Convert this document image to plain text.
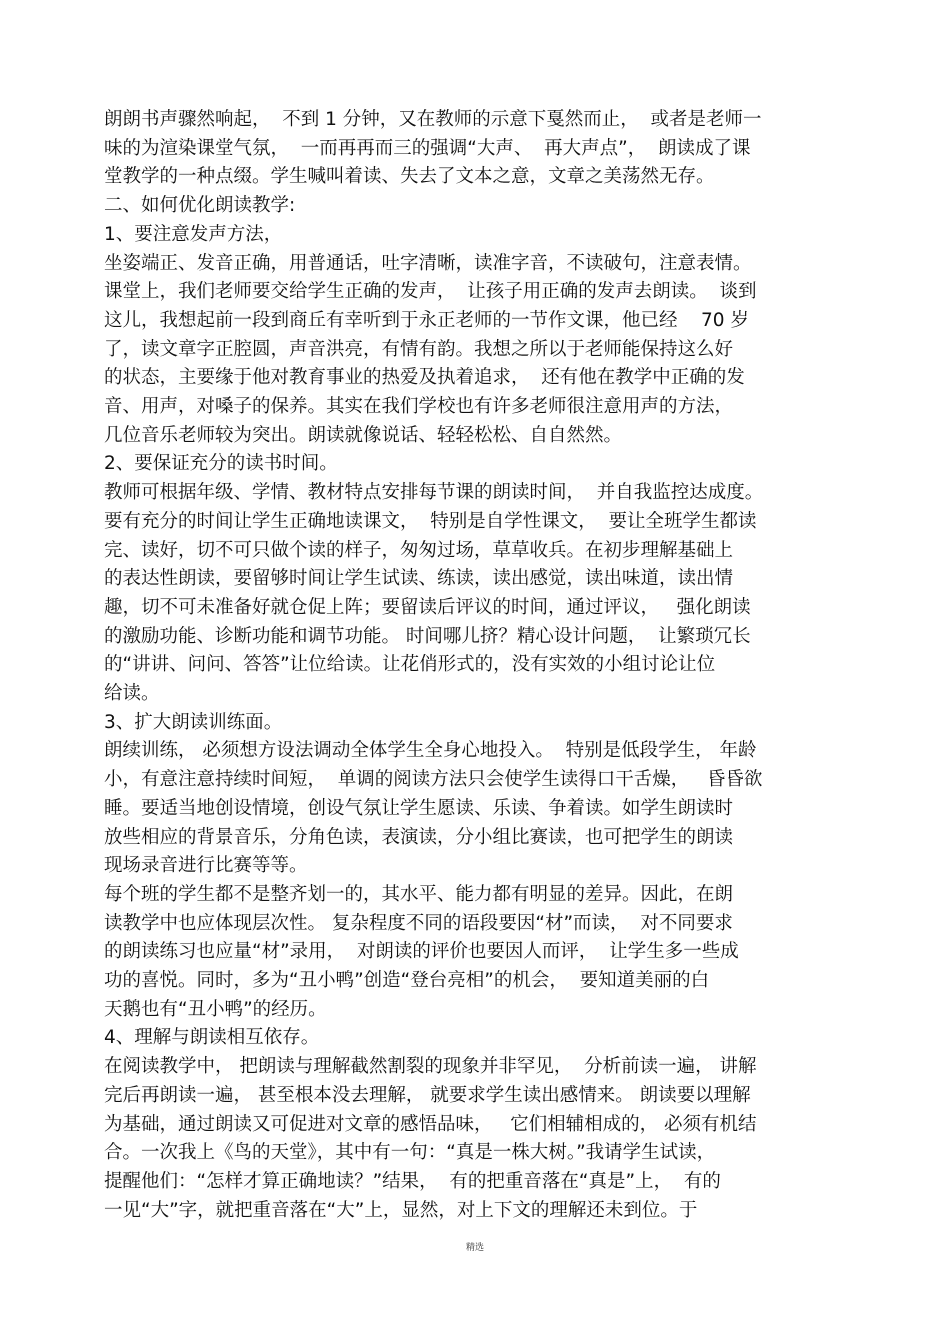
朗朗书声骤然响起，  不到 1 分钟，又在教师的示意下戛然而止，  或者是老师一
味的为渲染课堂气氛，  一而再再而三的强调“大声、  再大声点”，  朗读成了课
堂教学的一种点缀。学生喊叫着读、失去了文本之意，文章之美荡然无存。
二、如何优化朗读教学:
1、要注意发声方法，
坐姿端正、发音正确，用普通话，吐字清晰，读准字音，不读破句，注意表情。
课堂上，我们老师要交给学生正确的发声，  让孩子用正确的发声去朗读。  谈到
这儿，我想起前一段到商丘有幸听到于永正老师的一节作文课，他已经    70 岁
了，读文章字正腔圆，声音洪亮，有情有韵。我想之所以于老师能保持这么好
的状态，主要缘于他对教育事业的热爱及执着追求，  还有他在教学中正确的发
音、用声，对嗓子的保养。其实在我们学校也有许多老师很注意用声的方法，
几位音乐老师较为突出。朗读就像说话、轻轻松松、自自然然。
2、要保证充分的读书时间。
教师可根据年级、学情、教材特点安排每节课的朗读时间，  并自我监控达成度。
要有充分的时间让学生正确地读课文，  特别是自学性课文，  要让全班学生都读
完、读好，切不可只做个读的样子，匆匆过场，草草收兵。在初步理解基础上
的表达性朗读，要留够时间让学生试读、练读，读出感觉，读出味道，读出情
趣，切不可未准备好就仓促上阵；要留读后评议的时间，通过评议，   强化朗读
的激励功能、诊断功能和调节功能。 时间哪儿挤？精心设计问题，  让繁琐冗长
的“讲讲、问问、答答”让位给读。让花俏形式的，没有实效的小组讨论让位
给读。
3、扩大朗读训练面。
朗续训练， 必须想方设法调动全体学生全身心地投入。  特别是低段学生， 年龄
小，有意注意持续时间短，  单调的阅读方法只会使学生读得口干舌燥，   昏昏欲
睡。要适当地创设情境，创设气氛让学生愿读、乐读、争着读。如学生朗读时
放些相应的背景音乐，分角色读，表演读，分小组比赛读，也可把学生的朗读
现场录音进行比赛等等。
每个班的学生都不是整齐划一的，其水平、能力都有明显的差异。因此，在朗
读教学中也应体现层次性。 复杂程度不同的语段要因“材”而读，  对不同要求
的朗读练习也应量“材”录用，  对朗读的评价也要因人而评，  让学生多一些成
功的喜悦。同时，多为“丑小鸭”创造“登台亮相”的机会，  要知道美丽的白
天鹅也有“丑小鸭”的经历。
4、理解与朗读相互依存。
在阅读教学中， 把朗读与理解截然割裂的现象并非罕见，  分析前读一遍， 讲解
完后再朗读一遍， 甚至根本没去理解， 就要求学生读出感情来。 朗读要以理解
为基础，通过朗读又可促进对文章的感悟品味，   它们相辅相成的， 必须有机结
合。一次我上《鸟的天堂》，其中有一句：“真是一株大树。”我请学生试读，
提醒他们：“怎样才算正确地读？”结果，  有的把重音落在“真是”上，  有的
一见“大”字，就把重音落在“大”上，显然，对上下文的理解还未到位。于
精选
